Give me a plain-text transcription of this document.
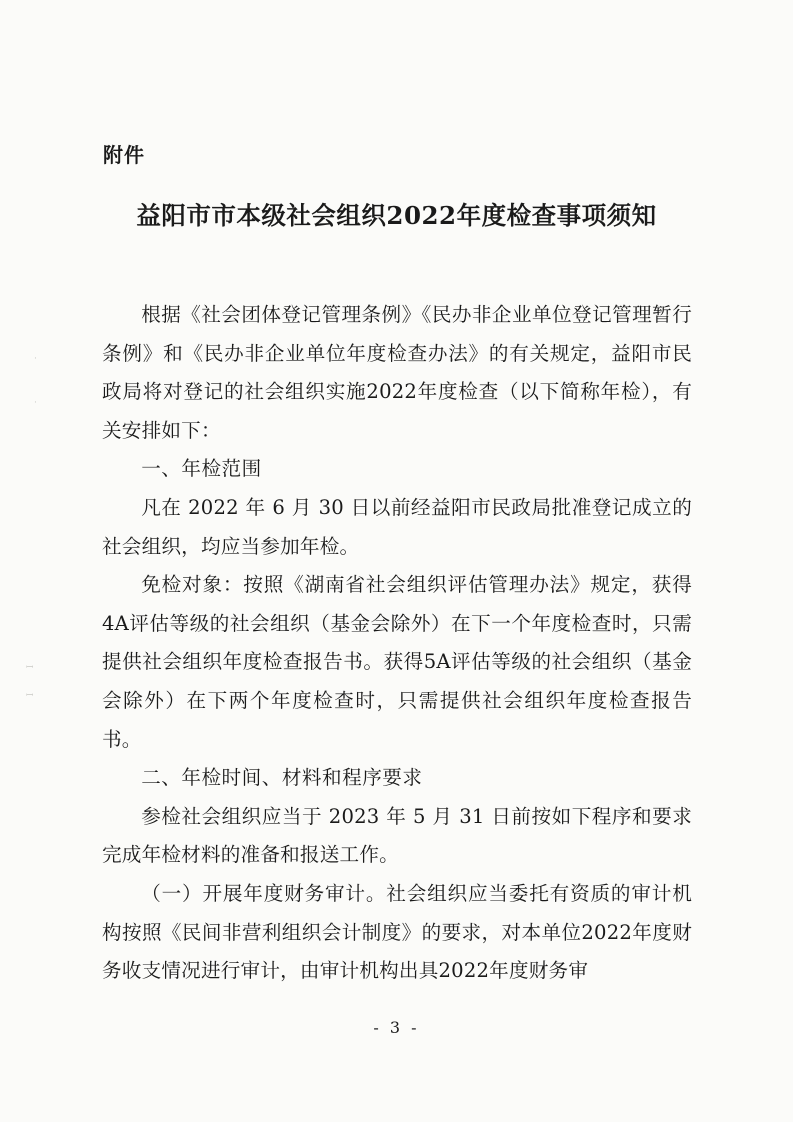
·
·
ꟷ
ꟷ
附件
益阳市市本级社会组织2022年度检查事项须知

根据《社会团体登记管理条例》《民办非企业单位登记管理暂行条例》和《民办非企业单位年度检查办法》的有关规定，益阳市民政局将对登记的社会组织实施2022年度检查（以下简称年检），有关安排如下：

一、年检范围

凡在 2022 年 6 月 30 日以前经益阳市民政局批准登记成立的社会组织，均应当参加年检。

免检对象：按照《湖南省社会组织评估管理办法》规定，获得4A评估等级的社会组织（基金会除外）在下一个年度检查时，只需提供社会组织年度检查报告书。获得5A评估等级的社会组织（基金会除外）在下两个年度检查时，只需提供社会组织年度检查报告书。

二、年检时间、材料和程序要求

参检社会组织应当于 2023 年 5 月 31 日前按如下程序和要求完成年检材料的准备和报送工作。

（一）开展年度财务审计。社会组织应当委托有资质的审计机构按照《民间非营利组织会计制度》的要求，对本单位2022年度财务收支情况进行审计，由审计机构出具2022年度财务审

- 3 -
